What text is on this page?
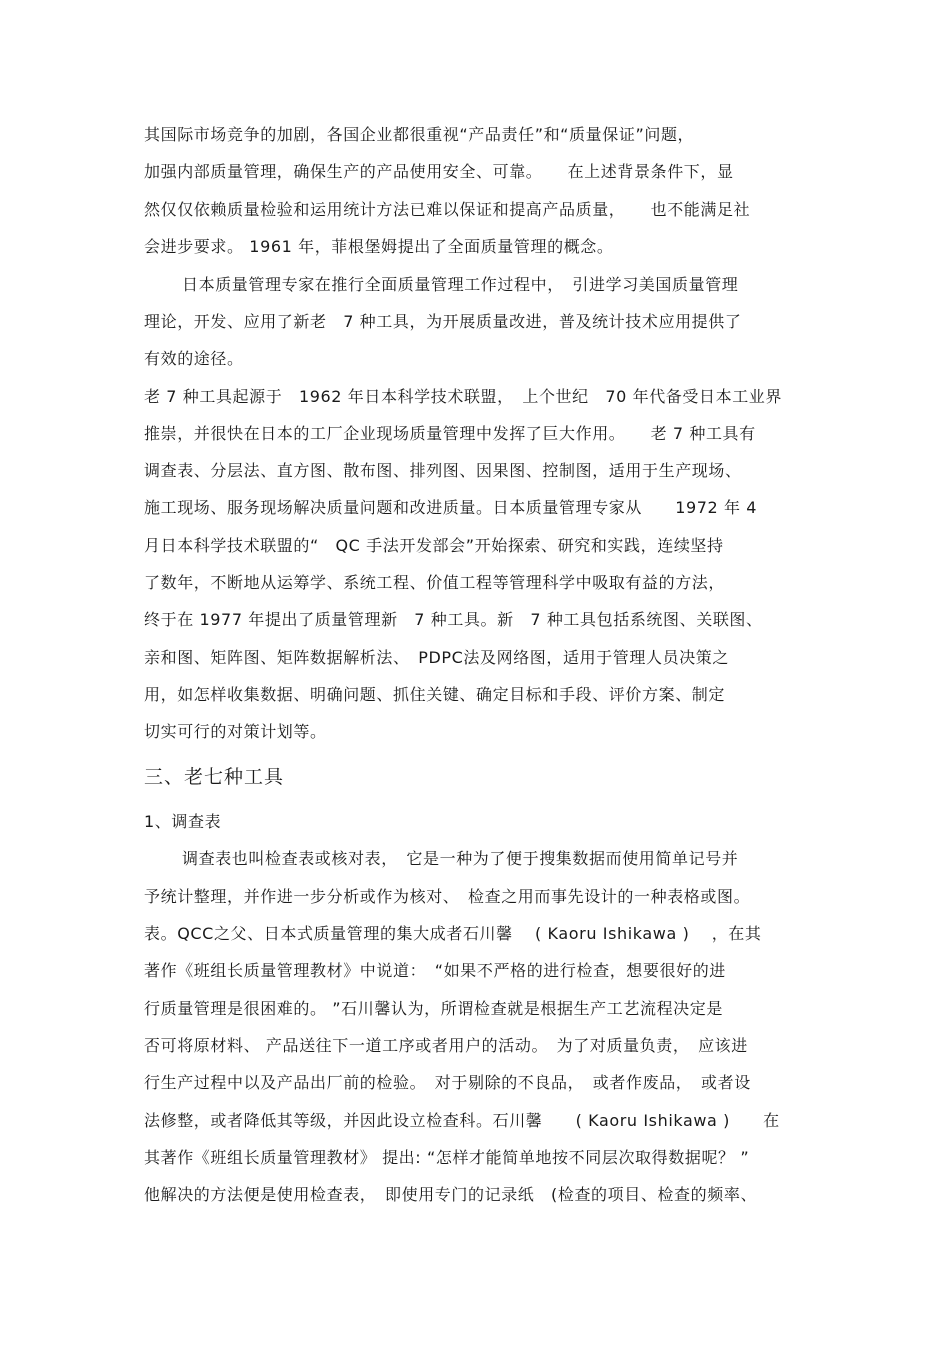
其国际市场竞争的加剧，各国企业都很重视“产品责任”和“质量保证”问题，
加强内部质量管理，确保生产的产品使用安全、可靠。　　在上述背景条件下，显
然仅仅依赖质量检验和运用统计方法已难以保证和提高产品质量，　　也不能满足社
会进步要求。 1961 年，菲根堡姆提出了全面质量管理的概念。
日本质量管理专家在推行全面质量管理工作过程中，　引进学习美国质量管理
理论，开发、应用了新老　7 种工具，为开展质量改进，普及统计技术应用提供了
有效的途径。
老 7 种工具起源于　1962 年日本科学技术联盟，　上个世纪　70 年代备受日本工业界
推崇，并很快在日本的工厂企业现场质量管理中发挥了巨大作用。　　老 7 种工具有
调查表、分层法、直方图、散布图、排列图、因果图、控制图，适用于生产现场、
施工现场、服务现场解决质量问题和改进质量。日本质量管理专家从　　1972 年 4
月日本科学技术联盟的“　QC 手法开发部会”开始探索、研究和实践，连续坚持
了数年，不断地从运筹学、系统工程、价值工程等管理科学中吸取有益的方法，
终于在 1977 年提出了质量管理新　7 种工具。新　7 种工具包括系统图、关联图、
亲和图、矩阵图、矩阵数据解析法、　PDPC法及网络图，适用于管理人员决策之
用，如怎样收集数据、明确问题、抓住关键、确定目标和手段、评价方案、制定
切实可行的对策计划等。
三、老七种工具
1、调查表
调查表也叫检查表或核对表，　它是一种为了便于搜集数据而使用简单记号并
予统计整理，并作进一步分析或作为核对、　检查之用而事先设计的一种表格或图。
表。QCC之父、日本式质量管理的集大成者石川馨　 ( Kaoru Ishikawa )　 ，在其
著作《班组长质量管理教材》中说道：　“如果不严格的进行检查，想要很好的进
行质量管理是很困难的。 ”石川馨认为，所谓检查就是根据生产工艺流程决定是
否可将原材料、 产品送往下一道工序或者用户的活动。　为了对质量负责，　应该进
行生产过程中以及产品出厂前的检验。　对于剔除的不良品，　或者作废品，　或者设
法修整，或者降低其等级，并因此设立检查科。石川馨　　( Kaoru Ishikawa )　　在
其著作《班组长质量管理教材》 提出: “怎样才能简单地按不同层次取得数据呢？ ”
他解决的方法便是使用检查表，　即使用专门的记录纸　(检查的项目、检查的频率、
